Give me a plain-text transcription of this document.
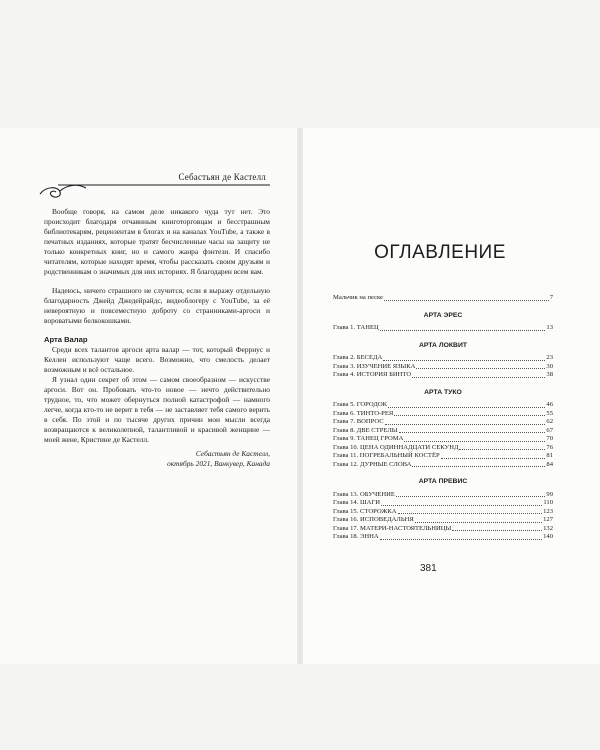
Себастьян де Кастелл

Вообще говоря, на самом деле никакого чуда тут нет. Это происходит благодаря отчаянным книготорговцам и бесстрашным библиотекарям, рецензентам в блогах и на каналах YouTube, а также в печатных изданиях, которые тратят бесчисленные часы на защиту не только конкретных книг, но и самого жанра фэнтези. И спасибо читателям, которые находят время, чтобы рассказать своим друзьям и родственникам о значимых для них историях. Я благодарен всем вам.

Надеюсь, ничего страшного не случится, если я выражу отдельную благодарность Джейд Джедейрайдс, видеоблогеру с YouTube, за её невероятную и повсеместную доброту со странниками-аргоси и вороватыми белкокошками.

Арта Валар

Среди всех талантов аргоси арта валар — тот, который Ферриус и Келлен используют чаще всего. Возможно, что смелость делает возможным и всё остальное.

Я узнал один секрет об этом — самом своеобразном — искусстве аргоси. Вот он. Пробовать что-то новое — нечто действительно трудное, то, что может обернуться полной катастрофой — намного легче, когда кто-то не верит в тебя — не заставляет тебя самого верить в себя. По этой и по тысяче других причин мои мысли всегда возвращаются к великолепной, талантливой и красивой женщине — моей жене, Кристине де Кастелл.

Себастьян де Кастелл,
октябрь 2021, Ванкувер, Канада
ОГЛАВЛЕНИЕ
Мальчик на песке	7
АРТА ЭРЕС
Глава 1. ТАНЕЦ	13
АРТА ЛОКВИТ
Глава 2. БЕСЕДА	23
Глава 3. ИЗУЧЕНИЕ ЯЗЫКА	30
Глава 4. ИСТОРИЯ БИНТО	38
АРТА ТУКО
Глава 5. ГОРОДОК	46
Глава 6. ТИНТО-РЕЯ	55
Глава 7. ВОПРОС	62
Глава 8. ДВЕ СТРЕЛЫ	67
Глава 9. ТАНЕЦ ГРОМА	70
Глава 10. ЦЕНА ОДИННАДЦАТИ СЕКУНД	76
Глава 11. ПОГРЕБАЛЬНЫЙ КОСТЁР	81
Глава 12. ДУРНЫЕ СЛОВА	84
АРТА ПРЕВИС
Глава 13. ОБУЧЕНИЕ	99
Глава 14. ШАГИ	110
Глава 15. СТОРОЖКА	123
Глава 16. ИСПОВЕДАЛЬНЯ	127
Глава 17. МАТЕРИ-НАСТОЯТЕЛЬНИЦЫ	132
Глава 18. ЭННА	140
381
